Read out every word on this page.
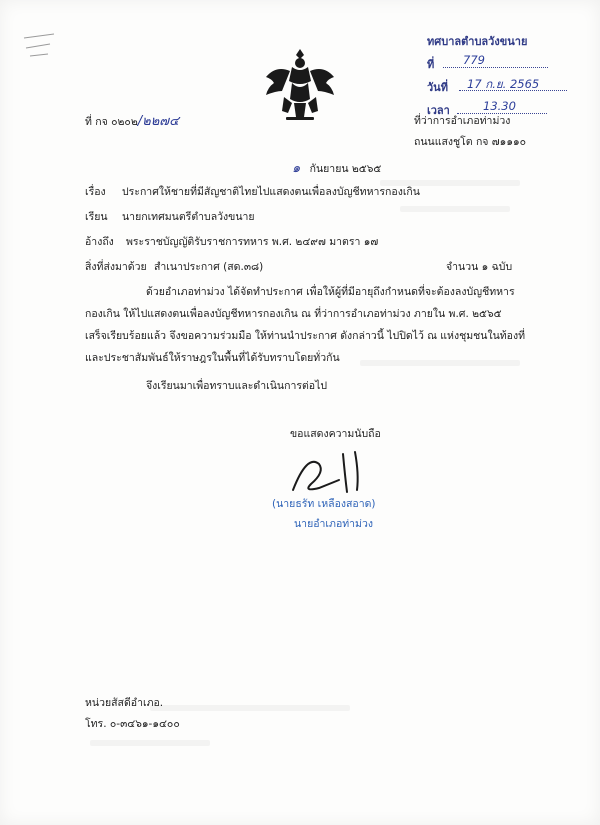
ทศบาลตำบลวังขนาย
ที่ 779
วันที่ 17 ก.ย. 2565
เวลา	13.30
ที่ กจ ๐๒๐๒/๒๒๗๔	ที่ว่าการอำเภอท่าม่วง
ถนนแสงชูโต กจ ๗๑๑๑๐
๑ กันยายน ๒๕๖๕
เรื่อง ประกาศให้ชายที่มีสัญชาติไทยไปแสดงตนเพื่อลงบัญชีทหารกองเกิน
เรียน นายกเทศมนตรีตำบลวังขนาย
อ้างถึง พระราชบัญญัติรับราชการทหาร พ.ศ. ๒๔๙๗ มาตรา ๑๗
สิ่งที่ส่งมาด้วย สำเนาประกาศ (สด.๓๘)	จำนวน ๑ ฉบับ
ด้วยอำเภอท่าม่วง ได้จัดทำประกาศ เพื่อให้ผู้ที่มีอายุถึงกำหนดที่จะต้องลงบัญชีทหาร
กองเกิน ให้ไปแสดงตนเพื่อลงบัญชีทหารกองเกิน ณ ที่ว่าการอำเภอท่าม่วง ภายใน พ.ศ. ๒๕๖๕
เสร็จเรียบร้อยแล้ว จึงขอความร่วมมือ ให้ท่านนำประกาศ ดังกล่าวนี้ ไปปิดไว้ ณ แห่งชุมชนในท้องที่
และประชาสัมพันธ์ให้ราษฎรในพื้นที่ได้รับทราบโดยทั่วกัน
จึงเรียนมาเพื่อทราบและดำเนินการต่อไป
ขอแสดงความนับถือ
(นายธรัท เหลืองสอาด)
นายอำเภอท่าม่วง
หน่วยสัสดีอำเภอ.
โทร. ๐-๓๔๖๑-๑๔๐๐
